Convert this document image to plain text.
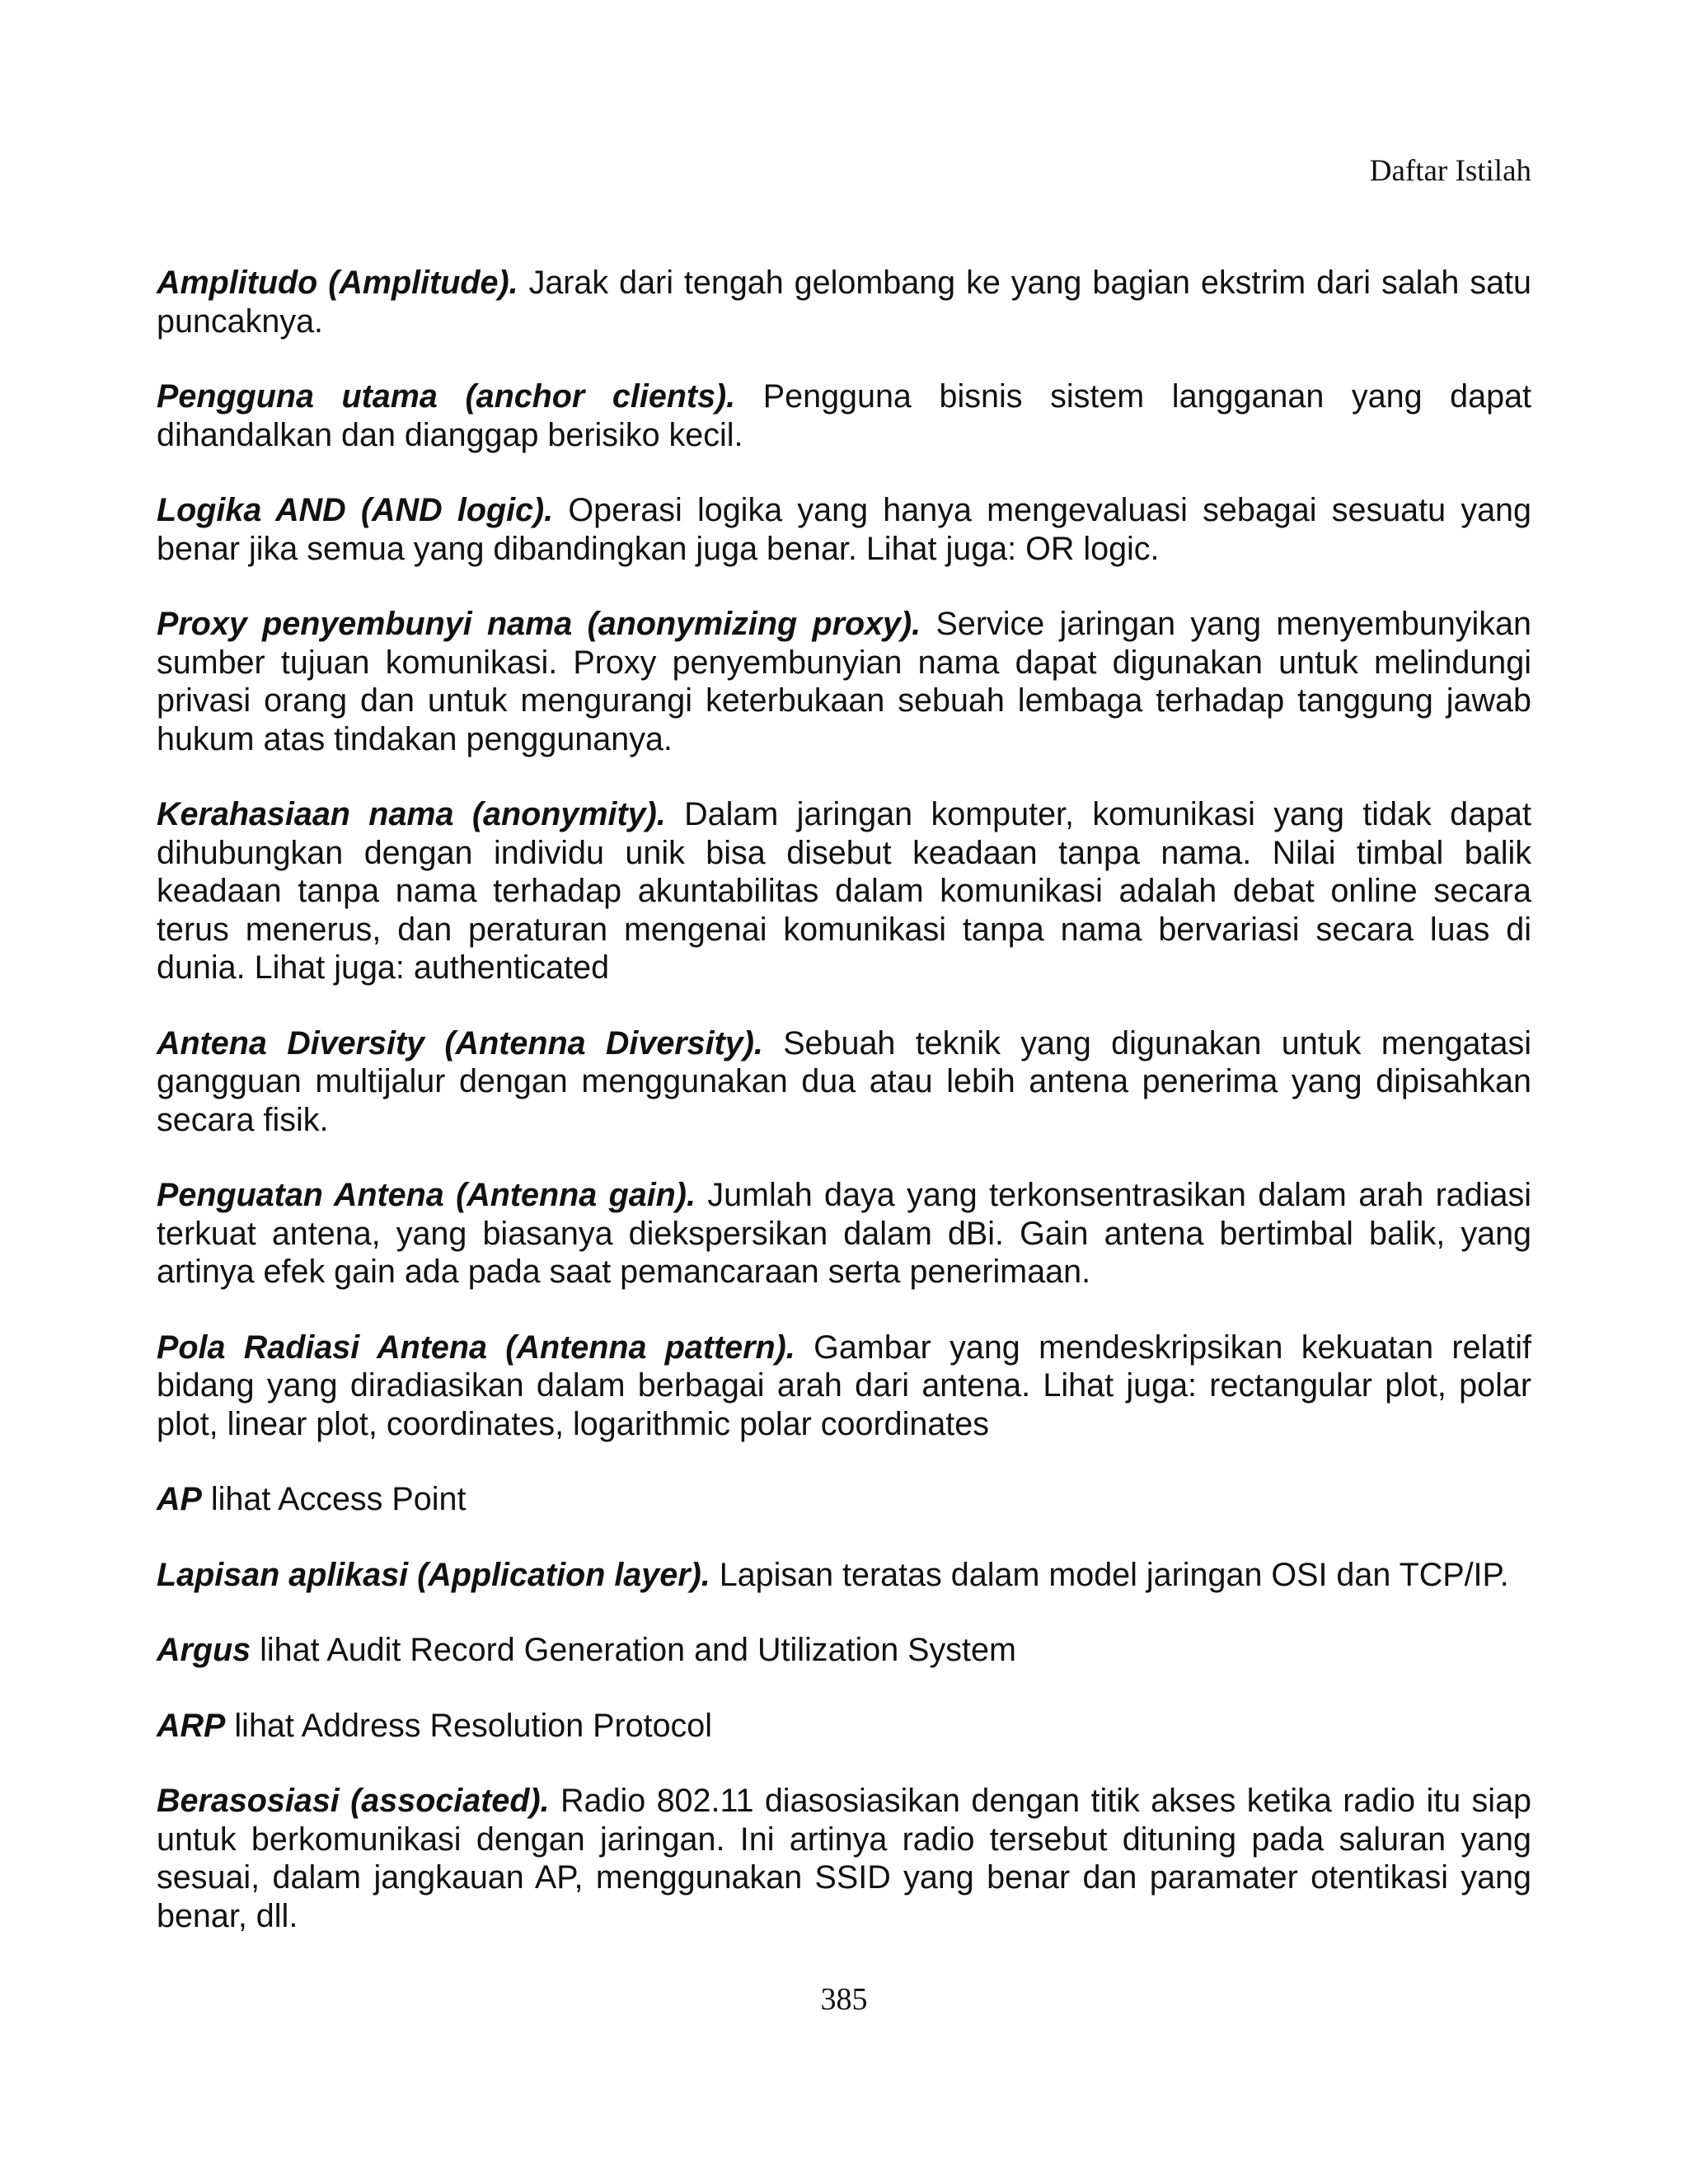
Daftar Istilah

Amplitudo (Amplitude). Jarak dari tengah gelombang ke yang bagian ekstrim dari salah satu puncaknya.

Pengguna utama (anchor clients). Pengguna bisnis sistem langganan yang dapat dihandalkan dan dianggap berisiko kecil.

Logika AND (AND logic). Operasi logika yang hanya mengevaluasi sebagai sesuatu yang benar jika semua yang dibandingkan juga benar. Lihat juga: OR logic.

Proxy penyembunyi nama (anonymizing proxy). Service jaringan yang menyembunyikan sumber tujuan komunikasi. Proxy penyembunyian nama dapat digunakan untuk melindungi privasi orang dan untuk mengurangi keterbukaan sebuah lembaga terhadap tanggung jawab hukum atas tindakan penggunanya.

Kerahasiaan nama (anonymity). Dalam jaringan komputer, komunikasi yang tidak dapat dihubungkan dengan individu unik bisa disebut keadaan tanpa nama. Nilai timbal balik keadaan tanpa nama terhadap akuntabilitas dalam komunikasi adalah debat online secara terus menerus, dan peraturan mengenai komunikasi tanpa nama bervariasi secara luas di dunia. Lihat juga: authenticated

Antena Diversity (Antenna Diversity). Sebuah teknik yang digunakan untuk mengatasi gangguan multijalur dengan menggunakan dua atau lebih antena penerima yang dipisahkan secara fisik.

Penguatan Antena (Antenna gain). Jumlah daya yang terkonsentrasikan dalam arah radiasi terkuat antena, yang biasanya diekspersikan dalam dBi. Gain antena bertimbal balik, yang artinya efek gain ada pada saat pemancaraan serta penerimaan.

Pola Radiasi Antena (Antenna pattern). Gambar yang mendeskripsikan kekuatan relatif bidang yang diradiasikan dalam berbagai arah dari antena. Lihat juga: rectangular plot, polar plot, linear plot, coordinates, logarithmic polar coordinates

AP lihat Access Point

Lapisan aplikasi (Application layer). Lapisan teratas dalam model jaringan OSI dan TCP/IP.

Argus lihat Audit Record Generation and Utilization System

ARP lihat Address Resolution Protocol

Berasosiasi (associated). Radio 802.11 diasosiasikan dengan titik akses ketika radio itu siap untuk berkomunikasi dengan jaringan. Ini artinya radio tersebut dituning pada saluran yang sesuai, dalam jangkauan AP, menggunakan SSID yang benar dan paramater otentikasi yang benar, dll.

385
